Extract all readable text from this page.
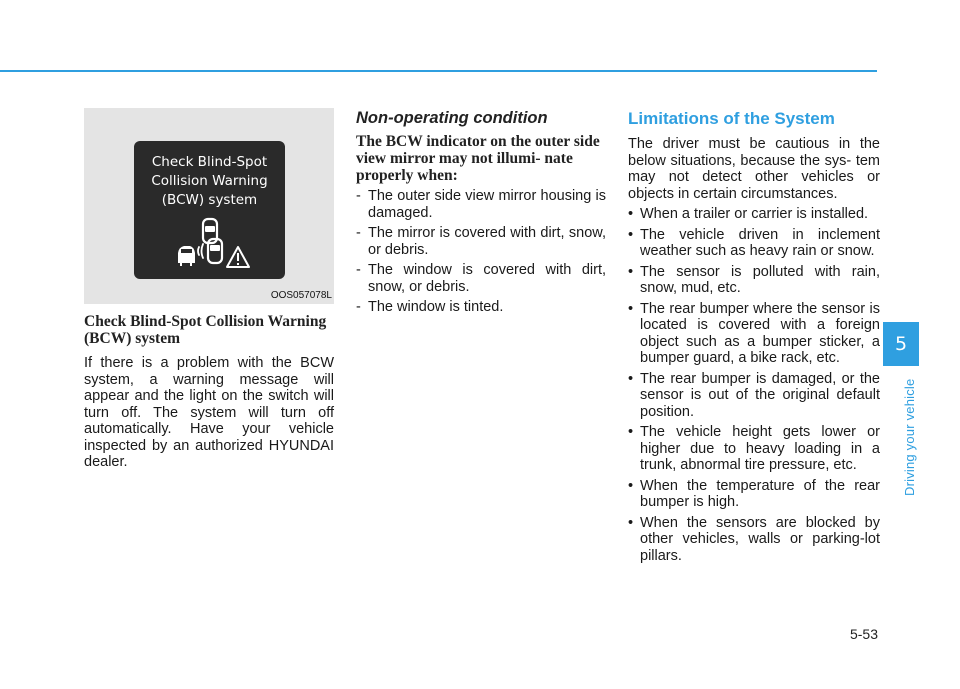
Check Blind-Spot
Collision Warning
(BCW) system
OOS057078L
Check Blind-Spot Collision Warning (BCW) system

If there is a problem with the BCW system, a warning message will appear and the light on the switch will turn off. The system will turn off automatically. Have your vehicle inspected by an authorized HYUNDAI dealer.

Non-operating condition
The BCW indicator on the outer side view mirror may not illumi- nate properly when:
- The outer side view mirror housing is damaged.
- The mirror is covered with dirt, snow, or debris.
- The window is covered with dirt, snow, or debris.
- The window is tinted.
Limitations of the System

The driver must be cautious in the below situations, because the sys- tem may not detect other vehicles or objects in certain circumstances.

• When a trailer or carrier is installed.
• The vehicle driven in inclement weather such as heavy rain or snow.
• The sensor is polluted with rain, snow, mud, etc.
• The rear bumper where the sensor is located is covered with a foreign object such as a bumper sticker, a bumper guard, a bike rack, etc.
• The rear bumper is damaged, or the sensor is out of the original default position.
• The vehicle height gets lower or higher due to heavy loading in a trunk, abnormal tire pressure, etc.
• When the temperature of the rear bumper is high.
• When the sensors are blocked by other vehicles, walls or parking-lot pillars.
5
Driving your vehicle
5-53
